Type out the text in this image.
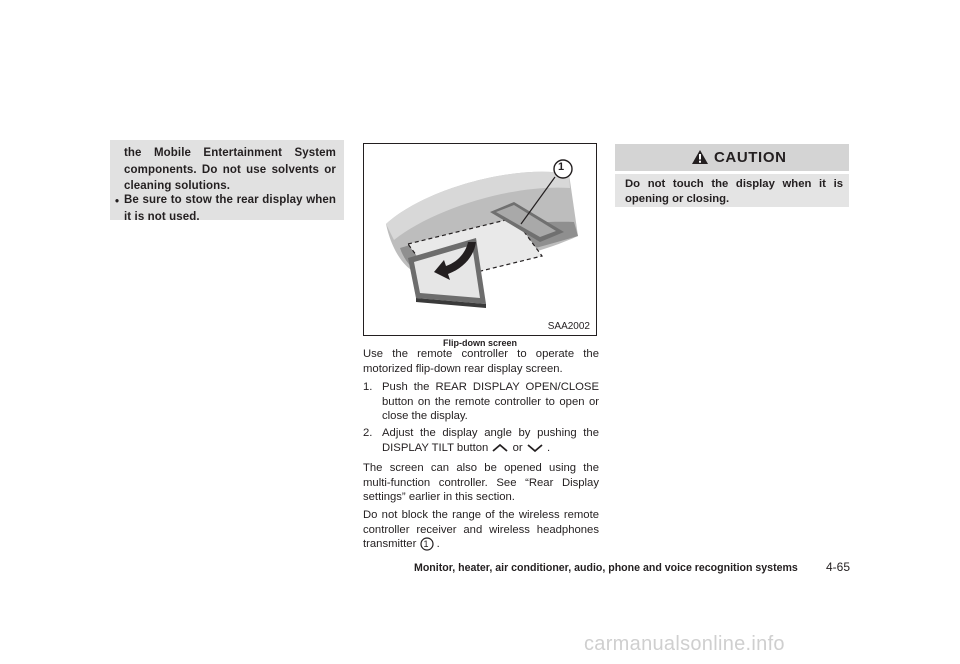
the Mobile Entertainment System components. Do not use solvents or cleaning solutions.

• Be sure to stow the rear display when it is not used.

1
SAA2002
Flip-down screen
Use the remote controller to operate the motorized flip-down rear display screen.
1. Push the REAR DISPLAY OPEN/CLOSE button on the remote controller to open or close the display.
2. Adjust the display angle by pushing the DISPLAY TILT button or .
The screen can also be opened using the multi-function controller. See “Rear Display settings” earlier in this section.
Do not block the range of the wireless remote controller receiver and wireless headphones transmitter 1 .
CAUTION

Do not touch the display when it is opening or closing.

Monitor, heater, air conditioner, audio, phone and voice recognition systems 4-65
carmanualsonline.info
